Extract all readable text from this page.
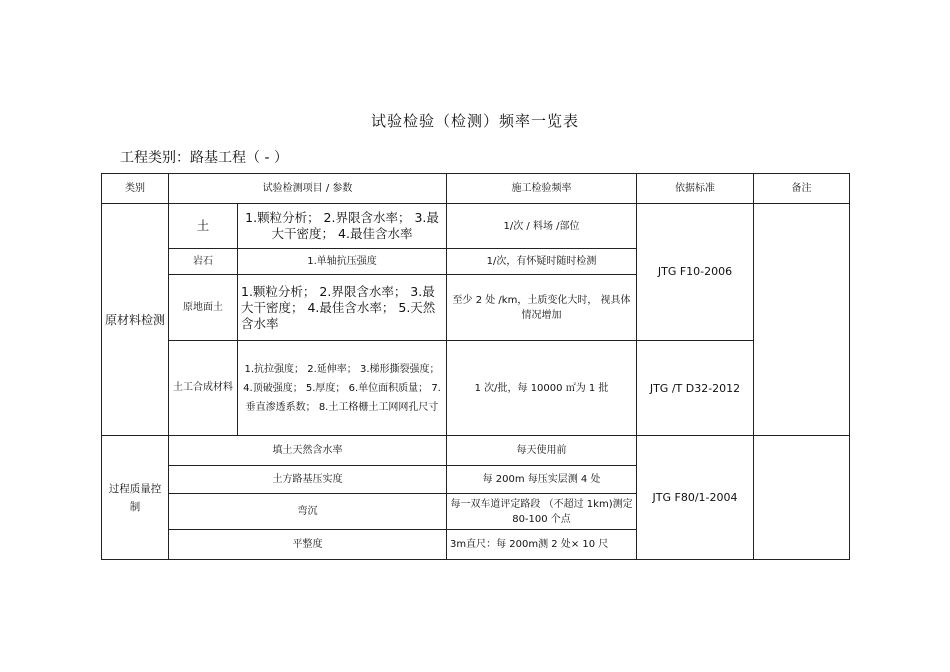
试验检验（检测）频率一览表
工程类别：路基工程（ - ）
类别	试验检测项目 / 参数		施工检验频率	依据标准	备注
原材料检测	土	1.颗粒分析； 2.界限含水率； 3.最大干密度； 4.最佳含水率	1/次 / 料场 /部位	JTG F10-2006	
	岩石	1.单轴抗压强度	1/次，有怀疑时随时检测		
	原地面土	1.颗粒分析； 2.界限含水率； 3.最大干密度； 4.最佳含水率； 5.天然含水率	至少 2 处 /km，土质变化大时， 视具体情况增加		
	土工合成材料	1.抗拉强度； 2.延伸率； 3.梯形撕裂强度； 4.顶破强度； 5.厚度； 6.单位面积质量； 7.垂直渗透系数； 8.土工格栅土工网网孔尺寸	1 次/批，每 10000 ㎡为 1 批	JTG /T D32-2012	
过程质量控制	填土天然含水率		每天使用前	JTG F80/1-2004	
	土方路基压实度		每 200m 每压实层测 4 处		
	弯沉		每一双车道评定路段 （不超过 1km)测定 80-100 个点		
	平整度		3m直尺：每 200m测 2 处× 10 尺		
